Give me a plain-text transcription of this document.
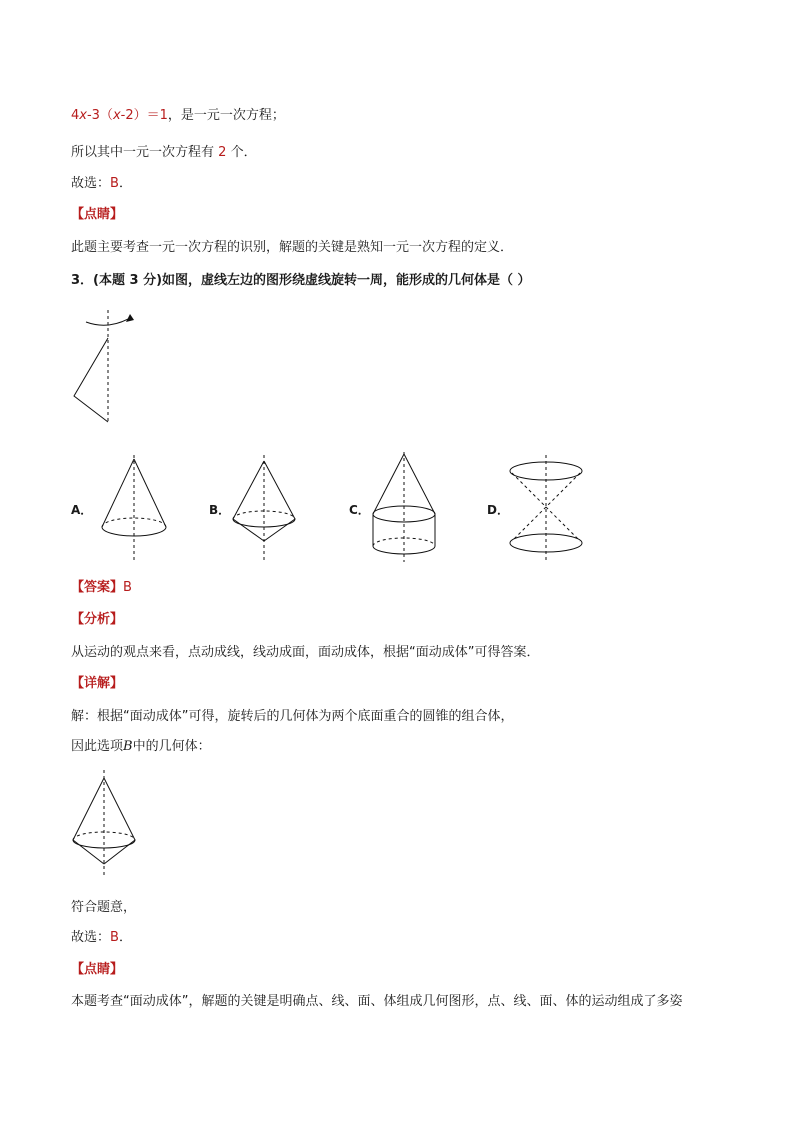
4x-3（x-2）＝1，是一元一次方程；
所以其中一元一次方程有 2 个．
故选：B．
【点睛】
此题主要考查一元一次方程的识别，解题的关键是熟知一元一次方程的定义．
3．(本题 3 分)如图，虚线左边的图形绕虚线旋转一周，能形成的几何体是（ ）
A．	B．	C．	D．
【答案】B
【分析】
从运动的观点来看，点动成线，线动成面，面动成体，根据“面动成体”可得答案．
【详解】
解：根据“面动成体”可得，旋转后的几何体为两个底面重合的圆锥的组合体，
因此选项B中的几何体：
符合题意，
故选：B．
【点睛】
本题考查“面动成体”，解题的关键是明确点、线、面、体组成几何图形，点、线、面、体的运动组成了多姿
